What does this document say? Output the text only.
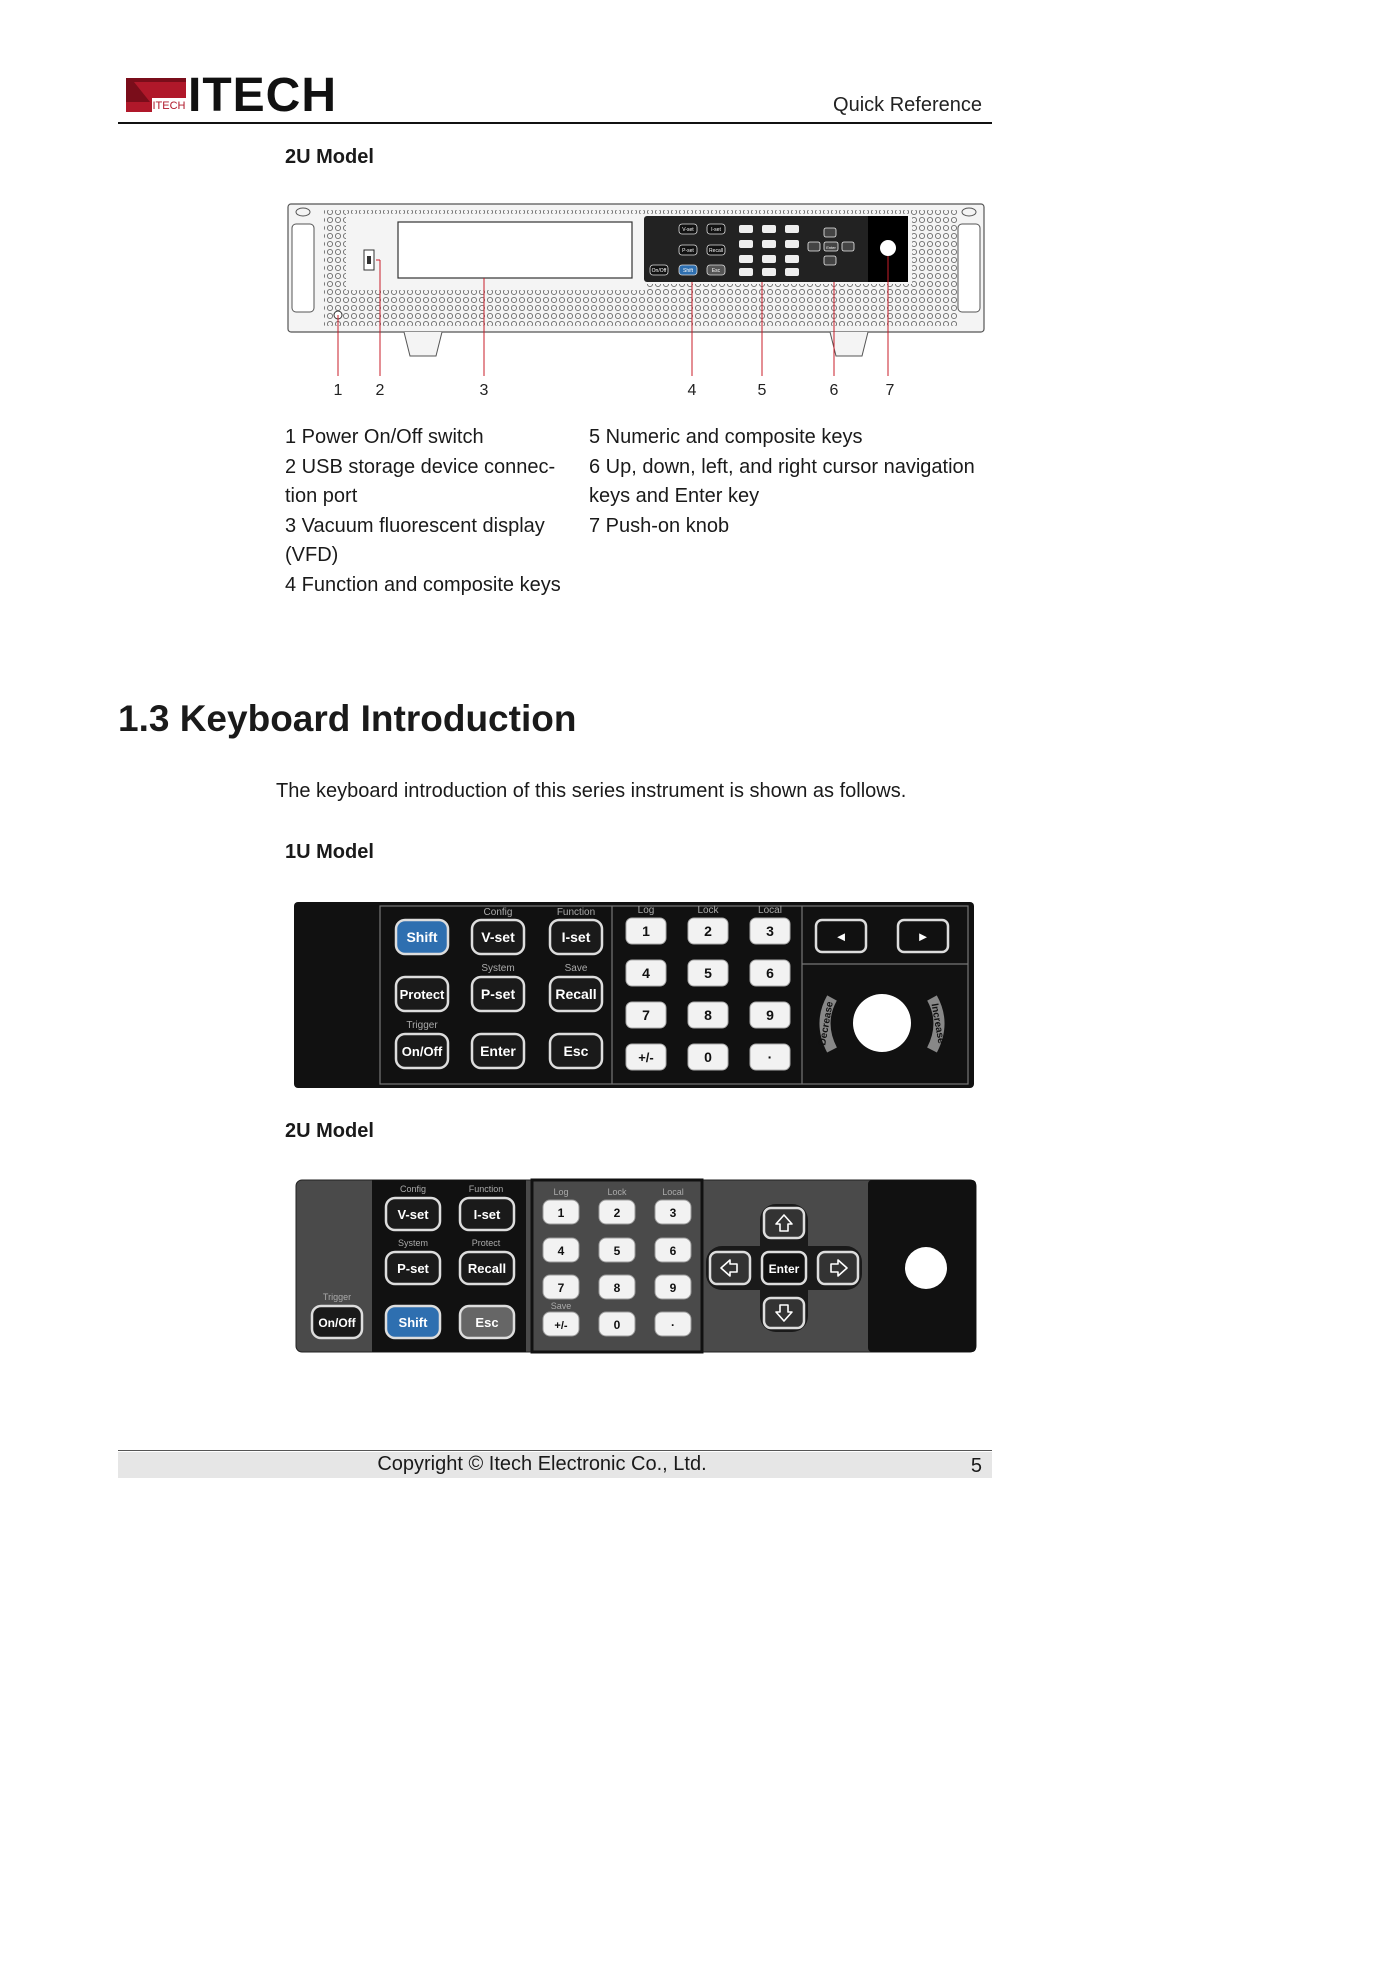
ITECH ITECH	Quick Reference
2U Model
V-set	I-set
P-set	Recall
On/Off	Shift	Esc
Enter
1 2	3	4	5	6	7
1 Power On/Off switch
2 USB storage device connec-
tion port
3 Vacuum fluorescent display
(VFD)
4 Function and composite keys
5 Numeric and composite keys
6 Up, down, left, and right cursor navigation
keys and Enter key
7 Push-on knob
1.3 Keyboard Introduction
The keyboard introduction of this series instrument is shown as follows.
1U Model
Config	Function
System	Save
Trigger
Log	Lock	Local
Shift	V-set	I-set
Protect	P-set	Recall
On/Off	Enter	Esc
1	2	3
4	5	6
7	8	9
+/-	0	·
◄	►
Decrease	Increase
2U Model
Config	Function
System	Protect
Trigger
Log	Lock	Local
Save
V-set	I-set
P-set	Recall
On/Off	Shift	Esc
1	2	3
4	5	6
7	8	9
+/-	0	·
Enter
Copyright © Itech Electronic Co., Ltd.	5
